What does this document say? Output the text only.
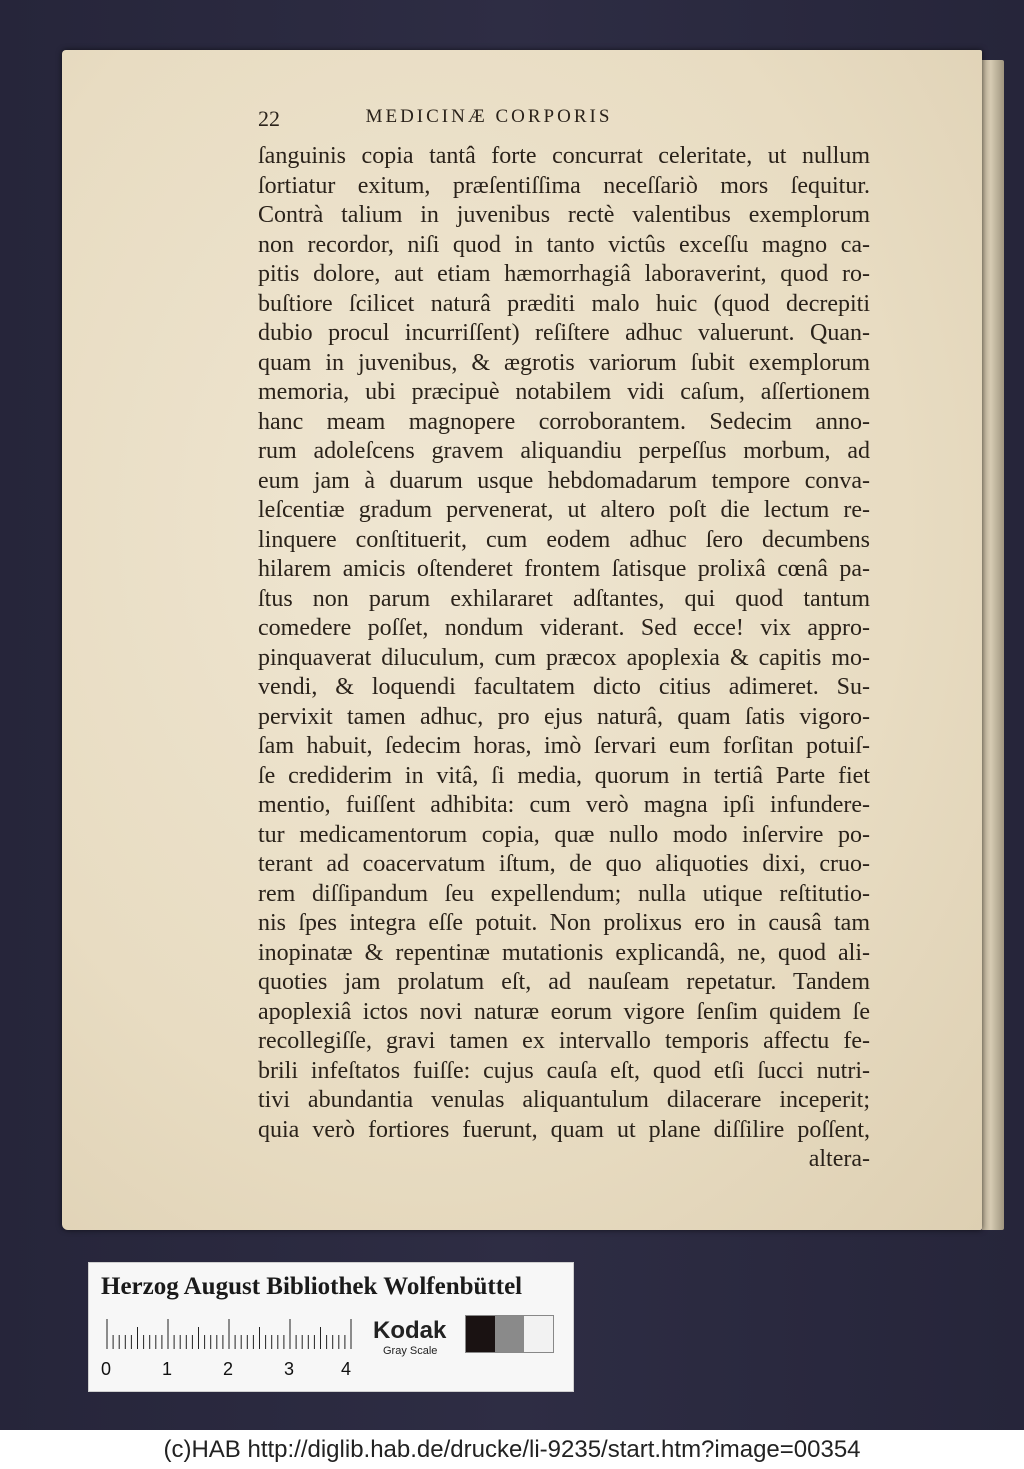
22	MEDICINÆ CORPORIS
ſanguinis copia tantâ forte concurrat celeritate, ut nullum
ſortiatur exitum, præſentiſſima neceſſariò mors ſequitur.
Contrà talium in juvenibus rectè valentibus exemplorum
non recordor, niſi quod in tanto victûs exceſſu magno ca-
pitis dolore, aut etiam hæmorrhagiâ laboraverint, quod ro-
buſtiore ſcilicet naturâ præditi malo huic (quod decrepiti
dubio procul incurriſſent) reſiſtere adhuc valuerunt. Quan-
quam in juvenibus, & ægrotis variorum ſubit exemplorum
memoria, ubi præcipuè notabilem vidi caſum, aſſertionem
hanc meam magnopere corroborantem. Sedecim anno-
rum adoleſcens gravem aliquandiu perpeſſus morbum, ad
eum jam à duarum usque hebdomadarum tempore conva-
leſcentiæ gradum pervenerat, ut altero poſt die lectum re-
linquere conſtituerit, cum eodem adhuc ſero decumbens
hilarem amicis oſtenderet frontem ſatisque prolixâ cœnâ pa-
ſtus non parum exhilararet adſtantes, qui quod tantum
comedere poſſet, nondum viderant. Sed ecce! vix appro-
pinquaverat diluculum, cum præcox apoplexia & capitis mo-
vendi, & loquendi facultatem dicto citius adimeret. Su-
pervixit tamen adhuc, pro ejus naturâ, quam ſatis vigoro-
ſam habuit, ſedecim horas, imò ſervari eum forſitan potuiſ-
ſe crediderim in vitâ, ſi media, quorum in tertiâ Parte fiet
mentio, fuiſſent adhibita: cum verò magna ipſi infundere-
tur medicamentorum copia, quæ nullo modo inſervire po-
terant ad coacervatum iſtum, de quo aliquoties dixi, cruo-
rem diſſipandum ſeu expellendum; nulla utique reſtitutio-
nis ſpes integra eſſe potuit. Non prolixus ero in causâ tam
inopinatæ & repentinæ mutationis explicandâ, ne, quod ali-
quoties jam prolatum eſt, ad nauſeam repetatur. Tandem
apoplexiâ ictos novi naturæ eorum vigore ſenſim quidem ſe
recollegiſſe, gravi tamen ex intervallo temporis affectu fe-
brili infeſtatos fuiſſe: cujus cauſa eſt, quod etſi ſucci nutri-
tivi abundantia venulas aliquantulum dilacerare inceperit;
quia verò fortiores fuerunt, quam ut plane diſſilire poſſent,
altera-
Herzog August Bibliothek Wolfenbüttel
0	1	2	3	4
Kodak
Gray Scale
(c)HAB http://diglib.hab.de/drucke/li-9235/start.htm?image=00354
